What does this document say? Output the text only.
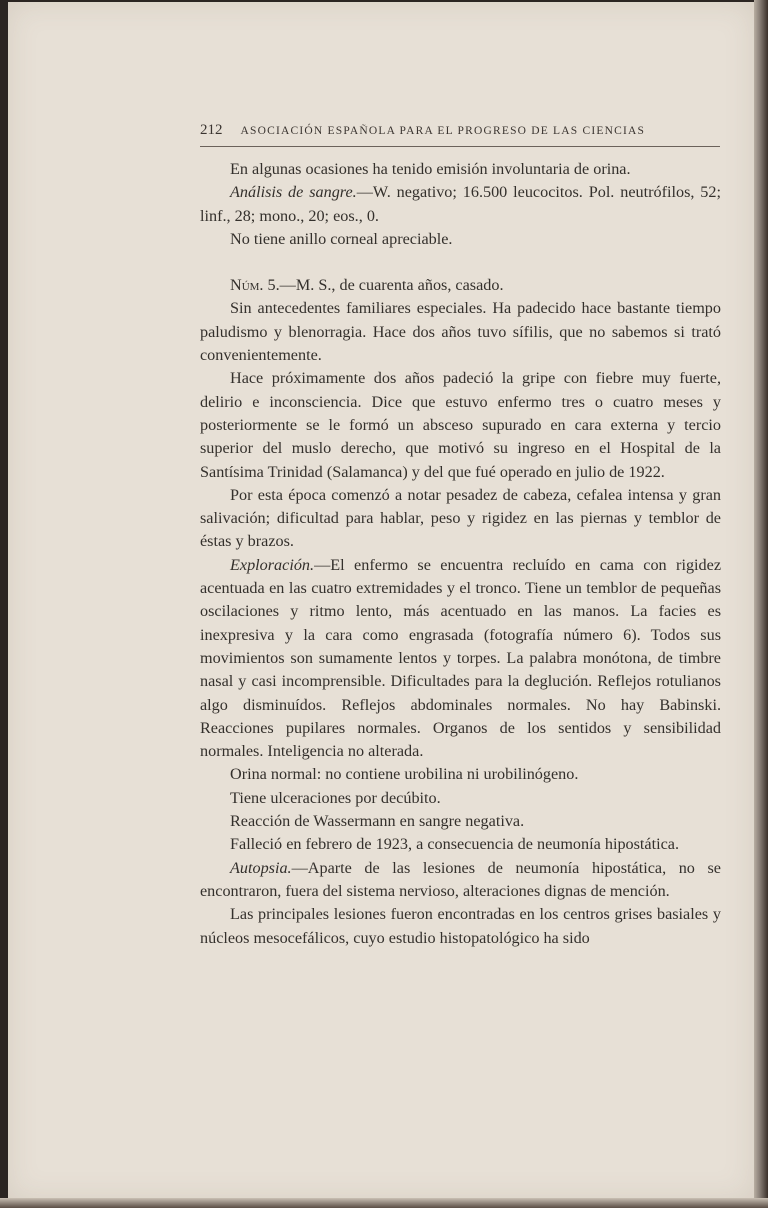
212 ASOCIACIÓN ESPAÑOLA PARA EL PROGRESO DE LAS CIENCIAS

En algunas ocasiones ha tenido emisión involuntaria de orina.

Análisis de sangre.—W. negativo; 16.500 leucocitos. Pol. neutrófilos, 52; linf., 28; mono., 20; eos., 0.

No tiene anillo corneal apreciable.

Núm. 5.—M. S., de cuarenta años, casado.

Sin antecedentes familiares especiales. Ha padecido hace bastante tiempo paludismo y blenorragia. Hace dos años tuvo sífilis, que no sabemos si trató convenientemente.

Hace próximamente dos años padeció la gripe con fiebre muy fuerte, delirio e inconsciencia. Dice que estuvo enfermo tres o cuatro meses y posteriormente se le formó un absceso supurado en cara externa y tercio superior del muslo derecho, que motivó su ingreso en el Hospital de la Santísima Trinidad (Salamanca) y del que fué operado en julio de 1922.

Por esta época comenzó a notar pesadez de cabeza, cefalea intensa y gran salivación; dificultad para hablar, peso y rigidez en las piernas y temblor de éstas y brazos.

Exploración.—El enfermo se encuentra recluído en cama con rigidez acentuada en las cuatro extremidades y el tronco. Tiene un temblor de pequeñas oscilaciones y ritmo lento, más acentuado en las manos. La facies es inexpresiva y la cara como engrasada (fotografía número 6). Todos sus movimientos son sumamente lentos y torpes. La palabra monótona, de timbre nasal y casi incomprensible. Dificultades para la deglución. Reflejos rotulianos algo disminuídos. Reflejos abdominales normales. No hay Babinski. Reacciones pupilares normales. Organos de los sentidos y sensibilidad normales. Inteligencia no alterada.

Orina normal: no contiene urobilina ni urobilinógeno.

Tiene ulceraciones por decúbito.

Reacción de Wassermann en sangre negativa.

Falleció en febrero de 1923, a consecuencia de neumonía hipostática.

Autopsia.—Aparte de las lesiones de neumonía hipostática, no se encontraron, fuera del sistema nervioso, alteraciones dignas de mención.

Las principales lesiones fueron encontradas en los centros grises basiales y núcleos mesocefálicos, cuyo estudio histopatológico ha sido
